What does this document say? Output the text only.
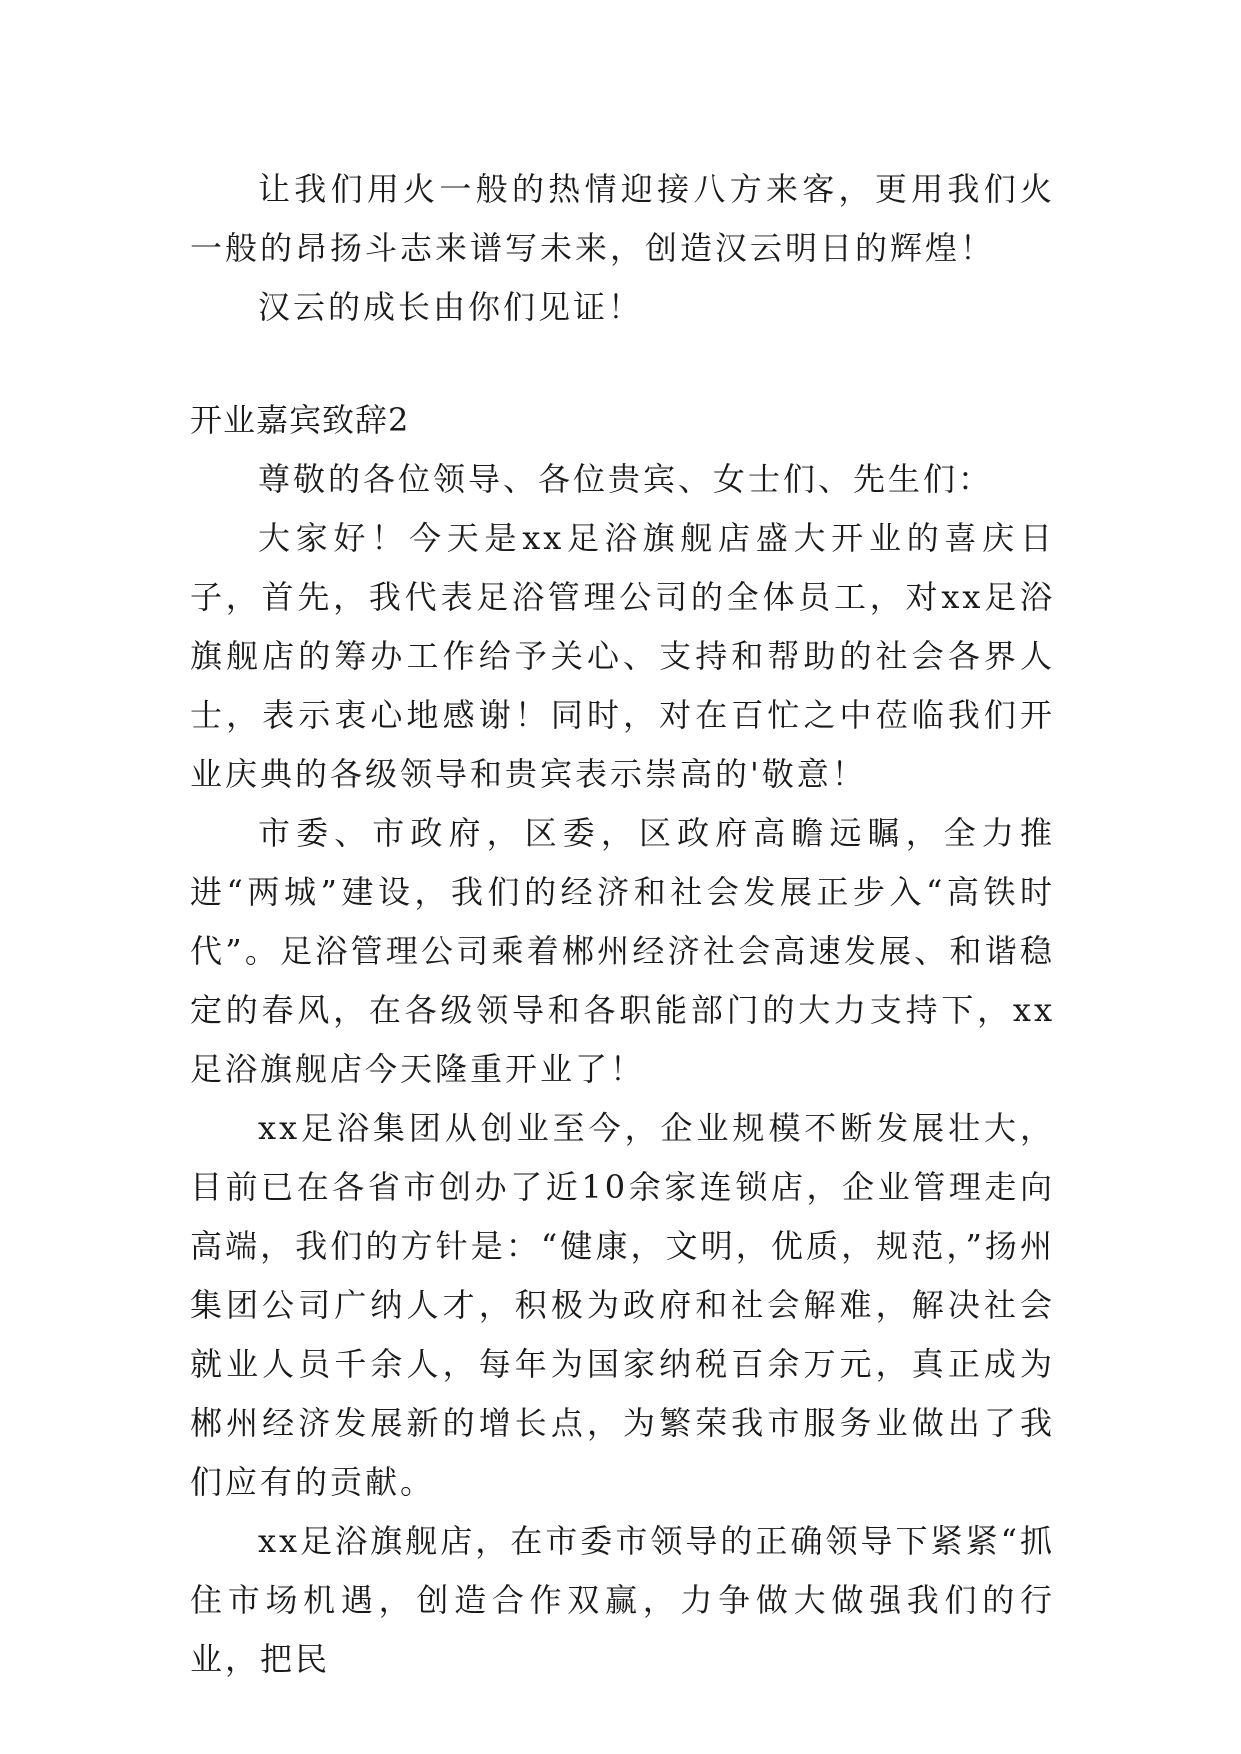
让我们用火一般的热情迎接八方来客，更用我们火一般的昂扬斗志来谱写未来，创造汉云明日的辉煌！

汉云的成长由你们见证！

开业嘉宾致辞2

尊敬的各位领导、各位贵宾、女士们、先生们：

大家好！今天是xx足浴旗舰店盛大开业的喜庆日子，首先，我代表足浴管理公司的全体员工，对xx足浴旗舰店的筹办工作给予关心、支持和帮助的社会各界人士，表示衷心地感谢！同时，对在百忙之中莅临我们开业庆典的各级领导和贵宾表示崇高的'敬意！

市委、市政府，区委，区政府高瞻远瞩，全力推进“两城”建设，我们的经济和社会发展正步入“高铁时代”。足浴管理公司乘着郴州经济社会高速发展、和谐稳定的春风，在各级领导和各职能部门的大力支持下，xx足浴旗舰店今天隆重开业了！

xx足浴集团从创业至今，企业规模不断发展壮大，目前已在各省市创办了近10余家连锁店，企业管理走向高端，我们的方针是：“健康，文明，优质，规范，”扬州集团公司广纳人才，积极为政府和社会解难，解决社会就业人员千余人，每年为国家纳税百余万元，真正成为郴州经济发展新的增长点，为繁荣我市服务业做出了我们应有的贡献。

xx足浴旗舰店，在市委市领导的正确领导下紧紧“抓住市场机遇，创造合作双赢，力争做大做强我们的行业，把民
